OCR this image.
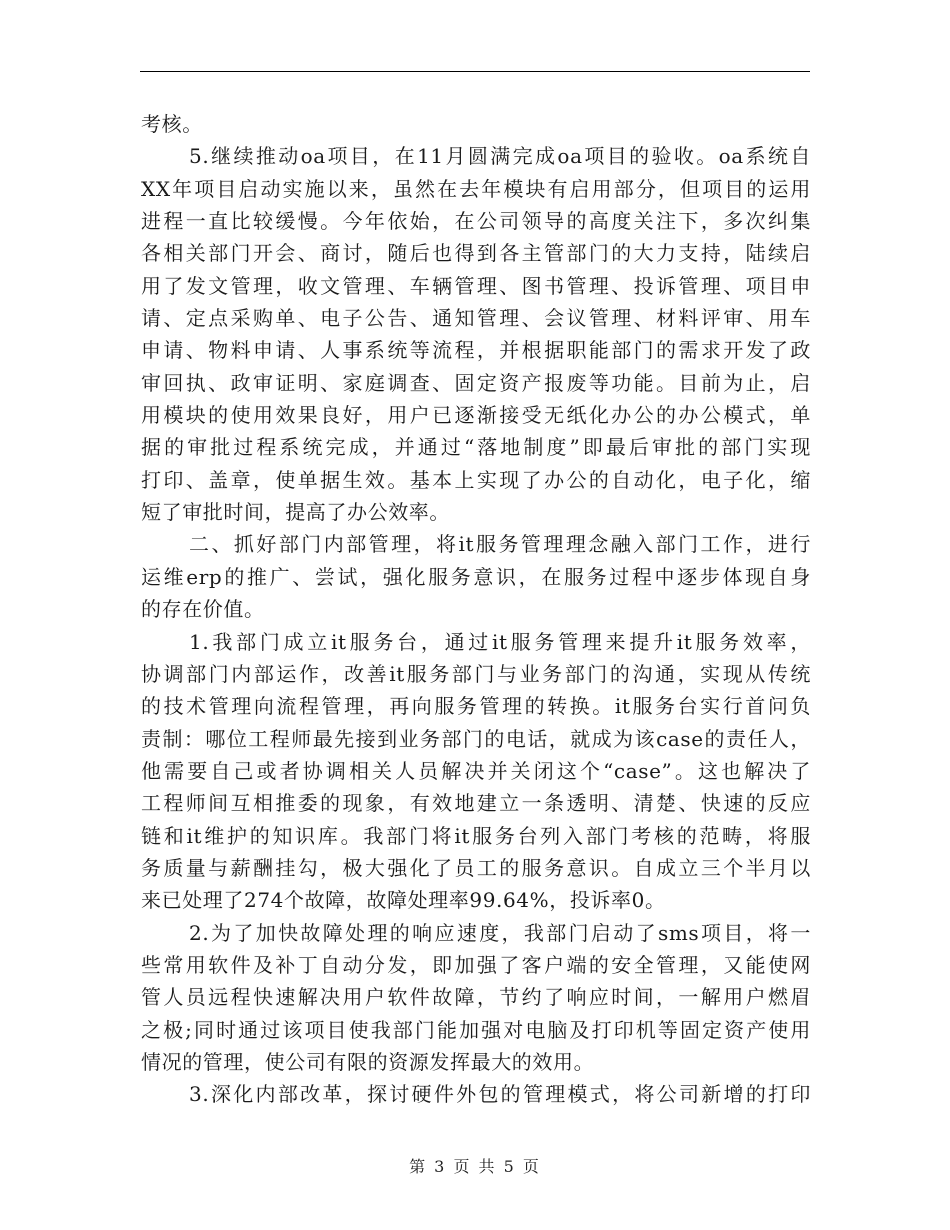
考核。
5.继续推动oa项目，在11月圆满完成oa项目的验收。oa系统自
XX年项目启动实施以来，虽然在去年模块有启用部分，但项目的运用
进程一直比较缓慢。今年依始，在公司领导的高度关注下，多次纠集
各相关部门开会、商讨，随后也得到各主管部门的大力支持，陆续启
用了发文管理，收文管理、车辆管理、图书管理、投诉管理、项目申
请、定点采购单、电子公告、通知管理、会议管理、材料评审、用车
申请、物料申请、人事系统等流程，并根据职能部门的需求开发了政
审回执、政审证明、家庭调查、固定资产报废等功能。目前为止，启
用模块的使用效果良好，用户已逐渐接受无纸化办公的办公模式，单
据的审批过程系统完成，并通过“落地制度”即最后审批的部门实现
打印、盖章，使单据生效。基本上实现了办公的自动化，电子化，缩
短了审批时间，提高了办公效率。
二、抓好部门内部管理，将it服务管理理念融入部门工作，进行
运维erp的推广、尝试，强化服务意识，在服务过程中逐步体现自身
的存在价值。
1.我部门成立it服务台，通过it服务管理来提升it服务效率，
协调部门内部运作，改善it服务部门与业务部门的沟通，实现从传统
的技术管理向流程管理，再向服务管理的转换。it服务台实行首问负
责制：哪位工程师最先接到业务部门的电话，就成为该case的责任人，
他需要自己或者协调相关人员解决并关闭这个“case”。这也解决了
工程师间互相推委的现象，有效地建立一条透明、清楚、快速的反应
链和it维护的知识库。我部门将it服务台列入部门考核的范畴，将服
务质量与薪酬挂勾，极大强化了员工的服务意识。自成立三个半月以
来已处理了274个故障，故障处理率99.64%，投诉率0。
2.为了加快故障处理的响应速度，我部门启动了sms项目，将一
些常用软件及补丁自动分发，即加强了客户端的安全管理，又能使网
管人员远程快速解决用户软件故障，节约了响应时间，一解用户燃眉
之极;同时通过该项目使我部门能加强对电脑及打印机等固定资产使用
情况的管理，使公司有限的资源发挥最大的效用。
3.深化内部改革，探讨硬件外包的管理模式，将公司新增的打印
第 3 页 共 5 页
